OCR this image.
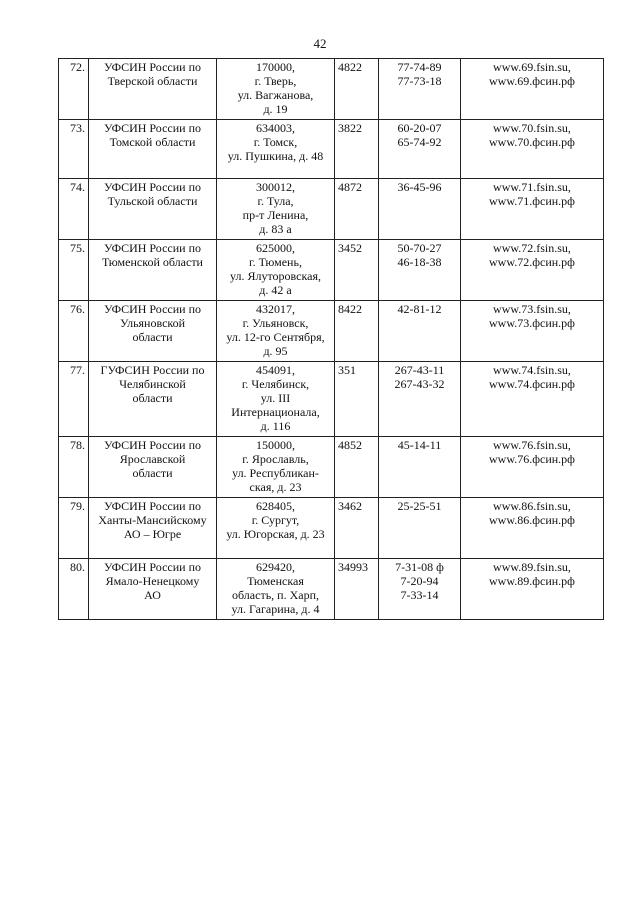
42
72.	УФСИН России по
Тверской области	170000,
г. Тверь,
ул. Вагжанова,
д. 19	4822	77-74-89
77-73-18	www.69.fsin.su,
www.69.фсин.рф

73.	УФСИН России по
Томской области	634003,
г. Томск,
ул. Пушкина, д. 48	3822	60-20-07
65-74-92	www.70.fsin.su,
www.70.фсин.рф

74.	УФСИН России по
Тульской области	300012,
г. Тула,
пр-т Ленина,
д. 83 а	4872	36-45-96	www.71.fsin.su,
www.71.фсин.рф

75.	УФСИН России по
Тюменской области	625000,
г. Тюмень,
ул. Ялуторовская,
д. 42 а	3452	50-70-27
46-18-38	www.72.fsin.su,
www.72.фсин.рф

76.	УФСИН России по
Ульяновской
области	432017,
г. Ульяновск,
ул. 12-го Сентября,
д. 95	8422	42-81-12	www.73.fsin.su,
www.73.фсин.рф

77.	ГУФСИН России по
Челябинской
области	454091,
г. Челябинск,
ул. III
Интернационала,
д. 116	351	267-43-11
267-43-32	www.74.fsin.su,
www.74.фсин.рф

78.	УФСИН России по
Ярославской
области	150000,
г. Ярославль,
ул. Республикан-
ская, д. 23	4852	45-14-11	www.76.fsin.su,
www.76.фсин.рф

79.	УФСИН России по
Ханты-Мансийскому
АО – Югре	628405,
г. Сургут,
ул. Югорская, д. 23	3462	25-25-51	www.86.fsin.su,
www.86.фсин.рф

80.	УФСИН России по
Ямало-Ненецкому
АО	629420,
Тюменская
область, п. Харп,
ул. Гагарина, д. 4	34993	7-31-08 ф
7-20-94
7-33-14	www.89.fsin.su,
www.89.фсин.рф
